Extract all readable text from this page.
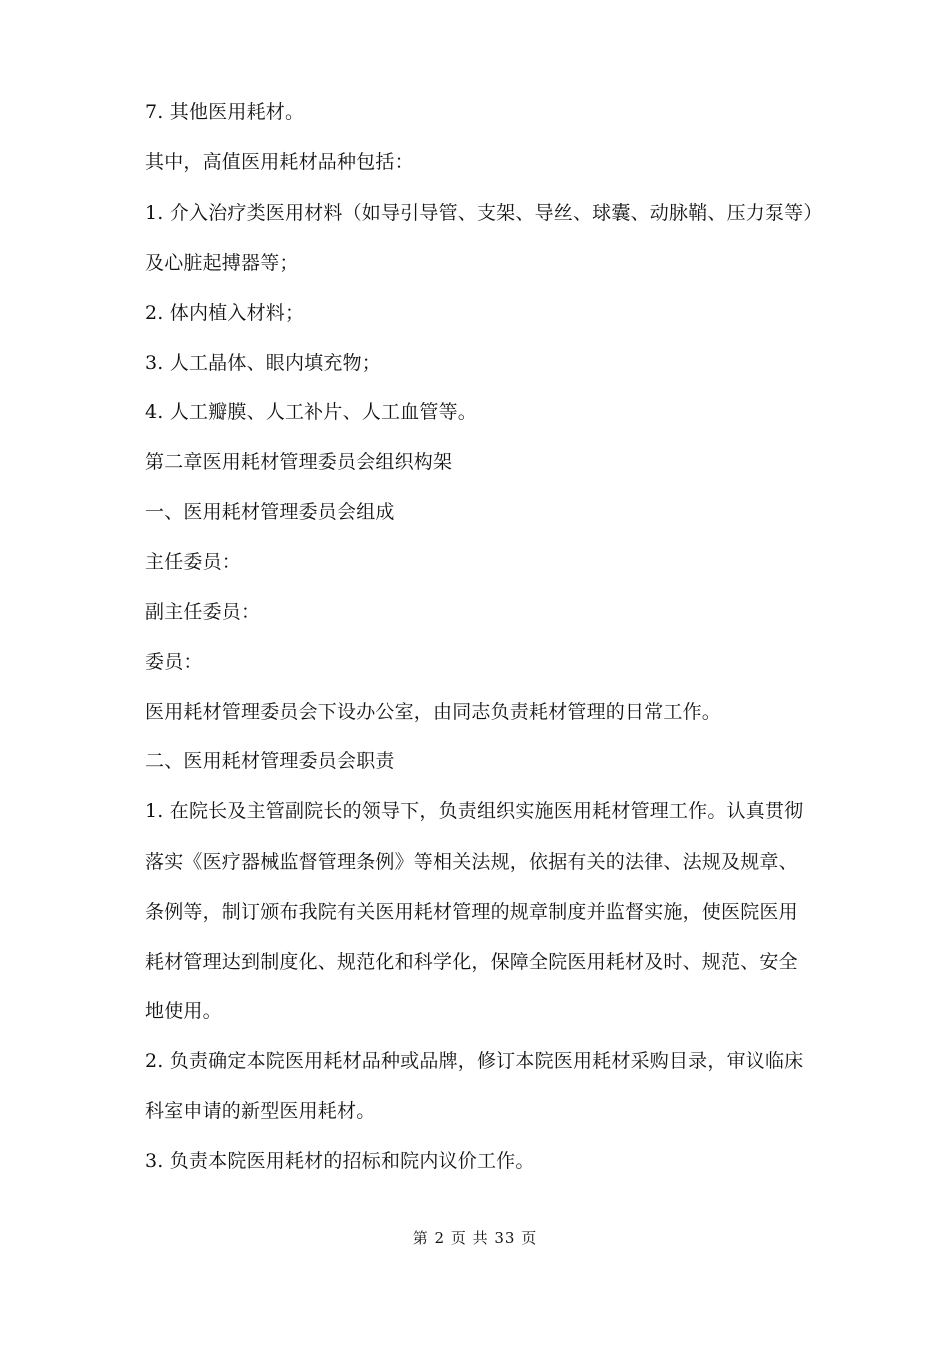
7. 其他医用耗材。
其中，高值医用耗材品种包括：
1. 介入治疗类医用材料（如导引导管、支架、导丝、球囊、动脉鞘、压力泵等）
及心脏起搏器等；
2. 体内植入材料；
3. 人工晶体、眼内填充物；
4. 人工瓣膜、人工补片、人工血管等。
第二章医用耗材管理委员会组织构架
一、医用耗材管理委员会组成
主任委员：
副主任委员：
委员：
医用耗材管理委员会下设办公室，由同志负责耗材管理的日常工作。
二、医用耗材管理委员会职责
1. 在院长及主管副院长的领导下，负责组织实施医用耗材管理工作。认真贯彻
落实《医疗器械监督管理条例》等相关法规，依据有关的法律、法规及规章、
条例等，制订颁布我院有关医用耗材管理的规章制度并监督实施，使医院医用
耗材管理达到制度化、规范化和科学化，保障全院医用耗材及时、规范、安全
地使用。
2. 负责确定本院医用耗材品种或品牌，修订本院医用耗材采购目录，审议临床
科室申请的新型医用耗材。
3. 负责本院医用耗材的招标和院内议价工作。
第 2 页 共 33 页
